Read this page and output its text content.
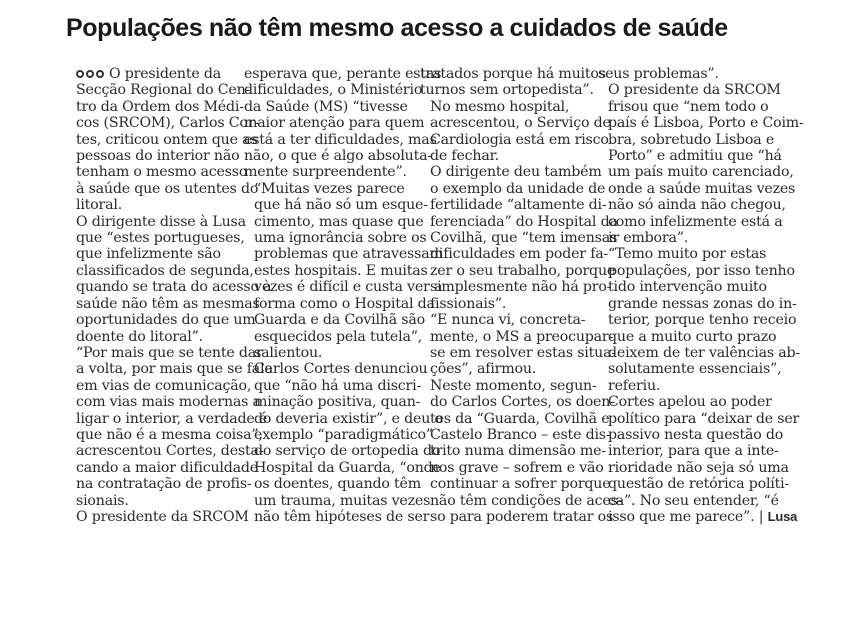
Populações não têm mesmo acesso a cuidados de saúde

O presidente da
Secção Regional do Cen-
tro da Ordem dos Médi-
cos (SRCOM), Carlos Cor-
tes, criticou ontem que as
pessoas do interior não
tenham o mesmo acesso
à saúde que os utentes do
litoral.

O dirigente disse à Lusa
que “estes portugueses,
que infelizmente são
classificados de segunda,
quando se trata do acesso à
saúde não têm as mesmas
oportunidades do que um
doente do litoral”.

“Por mais que se tente dar
a volta, por mais que se fale
em vias de comunicação,
com vias mais modernas a
ligar o interior, a verdade é
que não é a mesma coisa”,
acrescentou Cortes, desta-
cando a maior dificuldade
na contratação de profis-
sionais.

O presidente da SRCOM

esperava que, perante estas
dificuldades, o Ministério
da Saúde (MS) “tivesse
maior atenção para quem
está a ter dificuldades, mas
não, o que é algo absoluta-
mente surpreendente”.

“Muitas vezes parece
que há não só um esque-
cimento, mas quase que
uma ignorância sobre os
problemas que atravessam
estes hospitais. E muitas
vezes é difícil e custa ver a
forma como o Hospital da
Guarda e da Covilhã são
esquecidos pela tutela”,
salientou.

Carlos Cortes denunciou
que “não há uma discri-
minação positiva, quan-
do deveria existir”, e deu o
exemplo “paradigmático”
do serviço de ortopedia do
Hospital da Guarda, “onde
os doentes, quando têm
um trauma, muitas vezes
não têm hipóteses de ser

tratados porque há muitos
turnos sem ortopedista”.

No mesmo hospital,
acrescentou, o Serviço de
Cardiologia está em risco
de fechar.

O dirigente deu também
o exemplo da unidade de
fertilidade “altamente di-
ferenciada” do Hospital da
Covilhã, que “tem imensas
dificuldades em poder fa-
zer o seu trabalho, porque
simplesmente não há pro-
fissionais”.

“E nunca vi, concreta-
mente, o MS a preocupar-
se em resolver estas situa-
ções”, afirmou.

Neste momento, segun-
do Carlos Cortes, os doen-
tes da “Guarda, Covilhã e
Castelo Branco – este dis-
trito numa dimensão me-
nos grave – sofrem e vão
continuar a sofrer porque
não têm condições de aces-
so para poderem tratar os

seus problemas”.

O presidente da SRCOM
frisou que “nem todo o
país é Lisboa, Porto e Coim-
bra, sobretudo Lisboa e
Porto” e admitiu que “há
um país muito carenciado,
onde a saúde muitas vezes
não só ainda não chegou,
como infelizmente está a
ir embora”.

“Temo muito por estas
populações, por isso tenho
tido intervenção muito
grande nessas zonas do in-
terior, porque tenho receio
que a muito curto prazo
deixem de ter valências ab-
solutamente essenciais”,
referiu.

Cortes apelou ao poder
político para “deixar de ser
passivo nesta questão do
interior, para que a inte-
rioridade não seja só uma
questão de retórica políti-
ca”. No seu entender, “é
isso que me parece”. | Lusa
